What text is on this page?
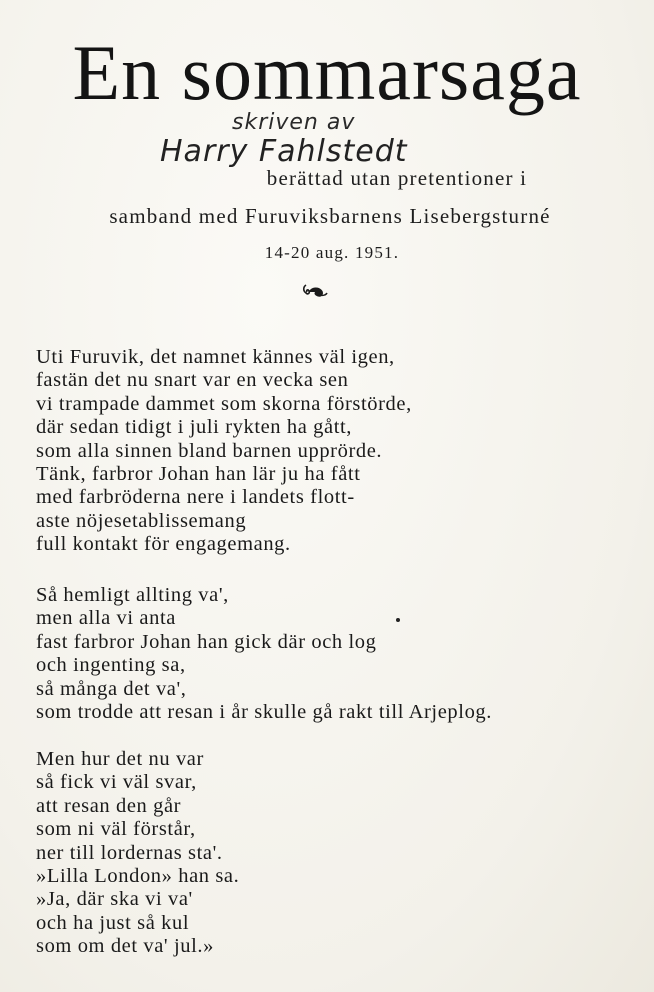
En sommarsaga
skriven av
Harry Fahlstedt

berättad utan pretentioner i

samband med Furuviksbarnens Lisebergsturné

14-20 aug. 1951.

Uti Furuvik, det namnet kännes väl igen,
fastän det nu snart var en vecka sen
vi trampade dammet som skorna förstörde,
där sedan tidigt i juli rykten ha gått,
som alla sinnen bland barnen upprörde.
Tänk, farbror Johan han lär ju ha fått
med farbröderna nere i landets flott-
aste nöjesetablissemang
full kontakt för engagemang.
Så hemligt allting va',
men alla vi anta
fast farbror Johan han gick där och log
och ingenting sa,
så många det va',
som trodde att resan i år skulle gå rakt till Arjeplog.
Men hur det nu var
så fick vi väl svar,
att resan den går
som ni väl förstår,
ner till lordernas sta'.
»Lilla London» han sa.
»Ja, där ska vi va'
och ha just så kul
som om det va' jul.»
